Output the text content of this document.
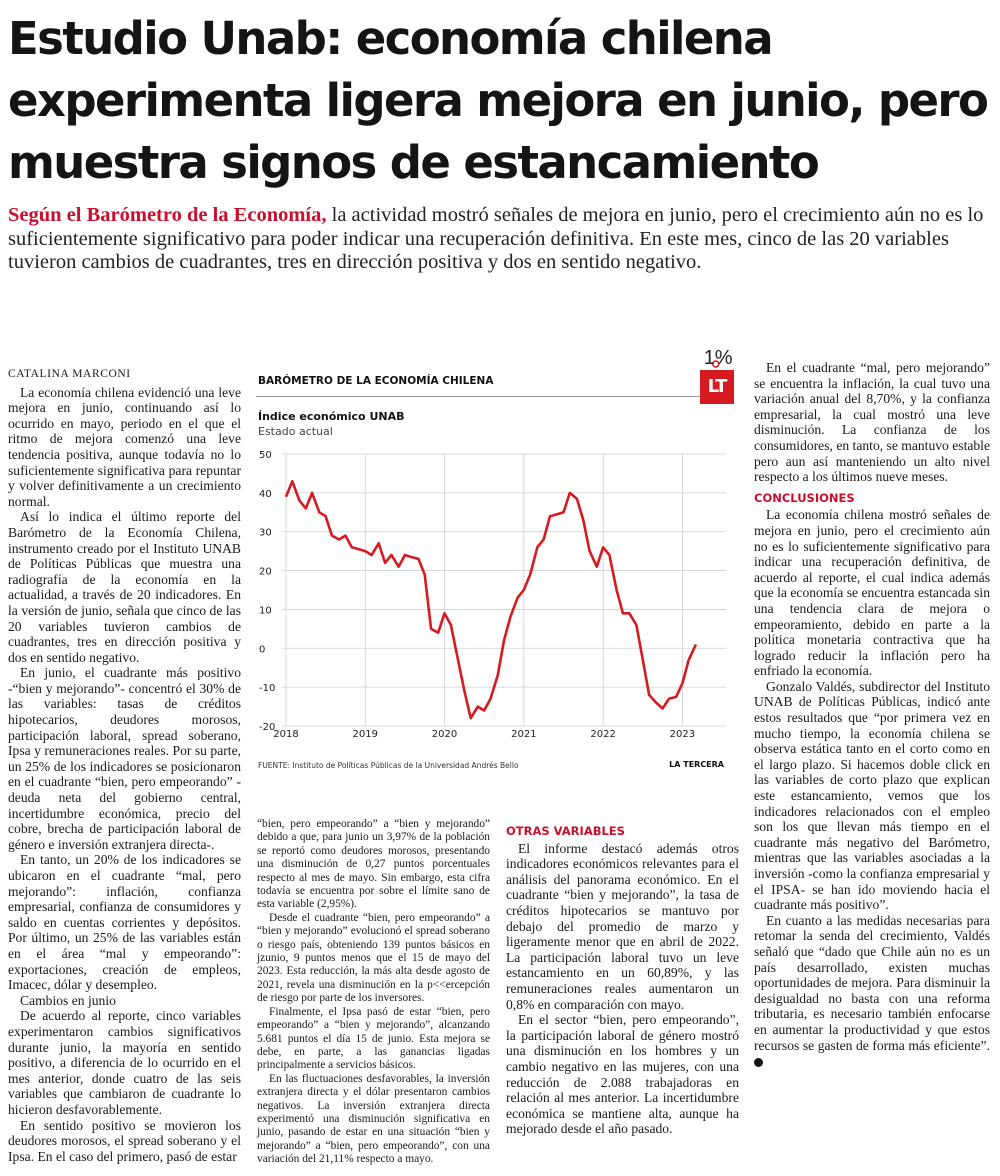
Estudio Unab: economía chilena experimenta ligera mejora en junio, pero muestra signos de estancamiento

Según el Barómetro de la Economía, la actividad mostró señales de mejora en junio, pero el crecimiento aún no es lo suficientemente significativo para poder indicar una recuperación definitiva. En este mes, cinco de las 20 variables tuvieron cambios de cuadrantes, tres en dirección positiva y dos en sentido negativo.

CATALINA MARCONI

La economía chilena evidenció una leve mejora en junio, continuando así lo ocurrido en mayo, periodo en el que el ritmo de mejora comenzó una leve tendencia positiva, aunque todavía no lo suficientemente significativa para repuntar y volver definitivamente a un crecimiento normal.

Así lo indica el último reporte del Barómetro de la Economía Chilena, instrumento creado por el Instituto UNAB de Políticas Públicas que muestra una radiografía de la economía en la actualidad, a través de 20 indicadores. En la versión de junio, señala que cinco de las 20 variables tuvieron cambios de cuadrantes, tres en dirección positiva y dos en sentido negativo.

En junio, el cuadrante más positivo -“bien y mejorando”- concentró el 30% de las variables: tasas de créditos hipotecarios, deudores morosos, participación laboral, spread soberano, Ipsa y remuneraciones reales. Por su parte, un 25% de los indicadores se posicionaron en el cuadrante “bien, pero empeorando” -deuda neta del gobierno central, incertidumbre económica, precio del cobre, brecha de participación laboral de género e inversión extranjera directa-.

En tanto, un 20% de los indicadores se ubicaron en el cuadrante “mal, pero mejorando”: inflación, confianza empresarial, confianza de consumidores y saldo en cuentas corrientes y depósitos. Por último, un 25% de las variables están en el área “mal y empeorando”: exportaciones, creación de empleos, Imacec, dólar y desempleo.

Cambios en junio

De acuerdo al reporte, cinco variables experimentaron cambios significativos durante junio, la mayoría en sentido positivo, a diferencia de lo ocurrido en el mes anterior, donde cuatro de las seis variables que cambiaron de cuadrante lo hicieron desfavorablemente.

En sentido positivo se movieron los deudores morosos, el spread soberano y el Ipsa. En el caso del primero, pasó de estar

BARÓMETRO DE LA ECONOMÍA CHILENA	LT

Índice económico UNAB

Estado actual

50
40
30
20
10
0
-10
-20
2018	2019	2020	2021	2022	2023
1%

FUENTE: Instituto de Políticas Públicas de la Universidad Andrés Bello	LA TERCERA

“bien, pero empeorando” a “bien y mejorando” debido a que, para junio un 3,97% de la población se reportó como deudores morosos, presentando una disminución de 0,27 puntos porcentuales respecto al mes de mayo. Sin embargo, esta cifra todavía se encuentra por sobre el límite sano de esta variable (2,95%).

Desde el cuadrante “bien, pero empeorando” a “bien y mejorando” evolucionó el spread soberano o riesgo país, obteniendo 139 puntos básicos en jzunio, 9 puntos menos que el 15 de mayo del 2023. Esta reducción, la más alta desde agosto de 2021, revela una disminución en la p<<ercepción de riesgo por parte de los inversores.

Finalmente, el Ipsa pasó de estar “bien, pero empeorando” a “bien y mejorando”, alcanzando 5.681 puntos el día 15 de junio. Esta mejora se debe, en parte, a las ganancias ligadas principalmente a servicios básicos.

En las fluctuaciones desfavorables, la inversión extranjera directa y el dólar presentaron cambios negativos. La inversión extranjera directa experimentó una disminución significativa en junio, pasando de estar en una situación “bien y mejorando” a “bien, pero empeorando”, con una variación del 21,11% respecto a mayo.

OTRAS VARIABLES

El informe destacó además otros indicadores económicos relevantes para el análisis del panorama económico. En el cuadrante “bien y mejorando”, la tasa de créditos hipotecarios se mantuvo por debajo del promedio de marzo y ligeramente menor que en abril de 2022. La participación laboral tuvo un leve estancamiento en un 60,89%, y las remuneraciones reales aumentaron un 0,8% en comparación con mayo.

En el sector “bien, pero empeorando”, la participación laboral de género mostró una disminución en los hombres y un cambio negativo en las mujeres, con una reducción de 2.088 trabajadoras en relación al mes anterior. La incertidumbre económica se mantiene alta, aunque ha mejorado desde el año pasado.

En el cuadrante “mal, pero mejorando” se encuentra la inflación, la cual tuvo una variación anual del 8,70%, y la confianza empresarial, la cual mostró una leve disminución. La confianza de los consumidores, en tanto, se mantuvo estable pero aun así manteniendo un alto nivel respecto a los últimos nueve meses.

CONCLUSIONES

La economía chilena mostró señales de mejora en junio, pero el crecimiento aún no es lo suficientemente significativo para indicar una recuperación definitiva, de acuerdo al reporte, el cual indica además que la economía se encuentra estancada sin una tendencia clara de mejora o empeoramiento, debido en parte a la política monetaria contractiva que ha logrado reducir la inflación pero ha enfriado la economía.

Gonzalo Valdés, subdirector del Instituto UNAB de Políticas Públicas, indicó ante estos resultados que “por primera vez en mucho tiempo, la economía chilena se observa estática tanto en el corto como en el largo plazo. Si hacemos doble click en las variables de corto plazo que explican este estancamiento, vemos que los indicadores relacionados con el empleo son los que llevan más tiempo en el cuadrante más negativo del Barómetro, mientras que las variables asociadas a la inversión -como la confianza empresarial y el IPSA- se han ido moviendo hacia el cuadrante más positivo”.

En cuanto a las medidas necesarias para retomar la senda del crecimiento, Valdés señaló que “dado que Chile aún no es un país desarrollado, existen muchas oportunidades de mejora. Para disminuir la desigualdad no basta con una reforma tributaria, es necesario también enfocarse en aumentar la productividad y que estos recursos se gasten de forma más eficiente”. P
